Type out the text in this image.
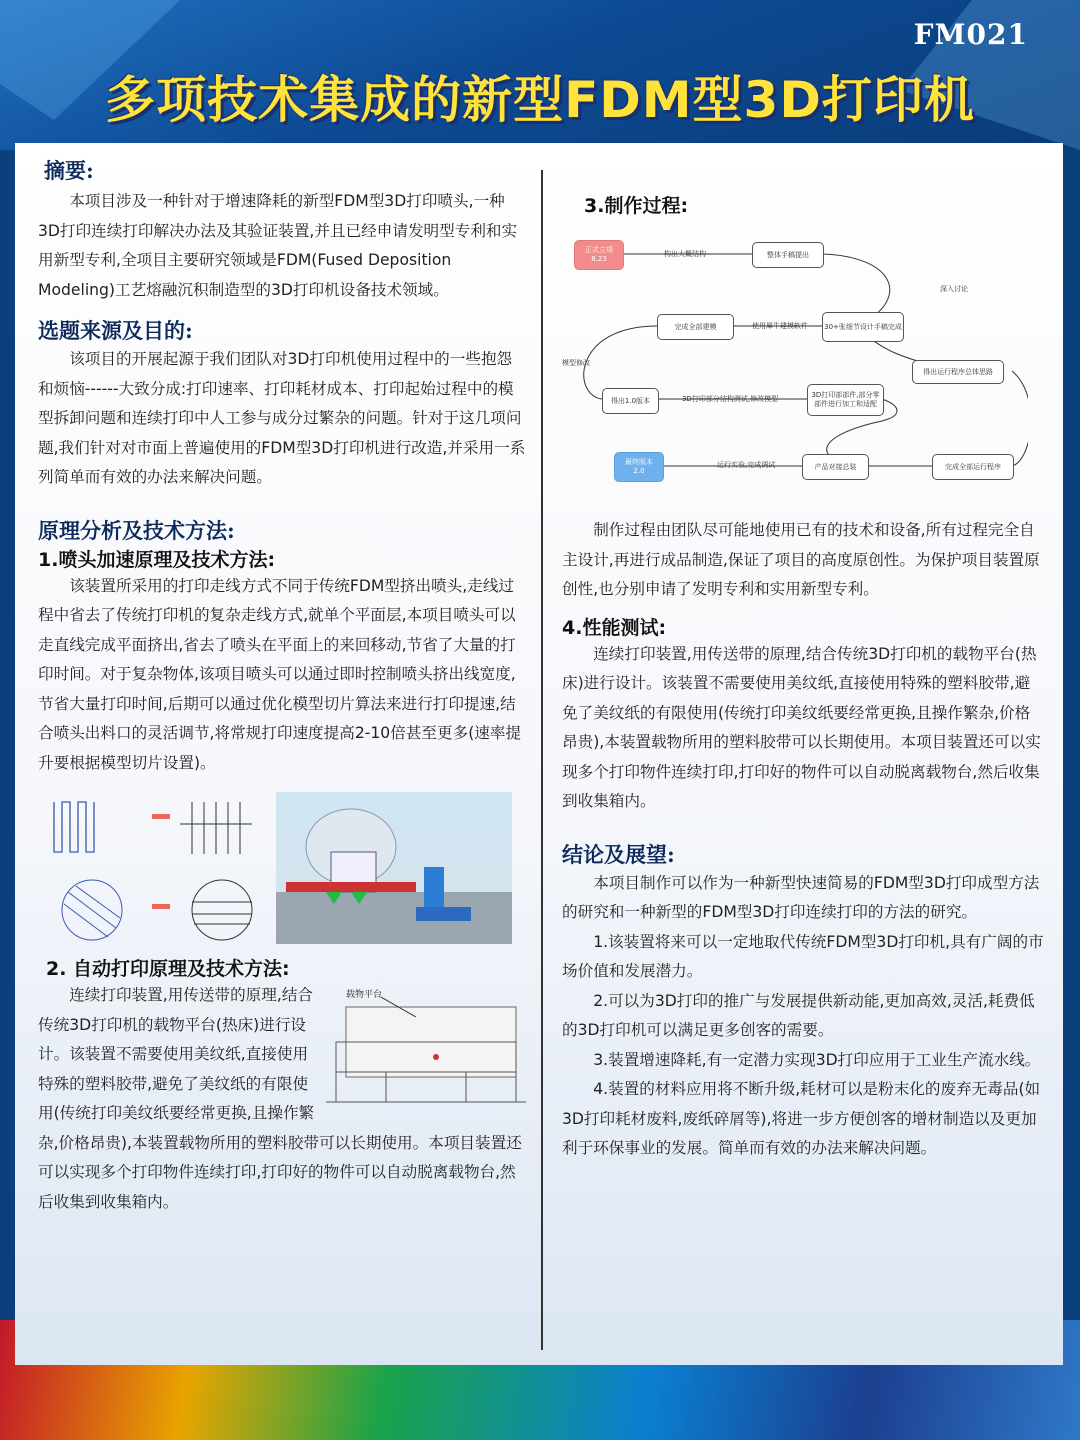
FM021
多项技术集成的新型FDM型3D打印机
摘要:

本项目涉及一种针对于增速降耗的新型FDM型3D打印喷头,一种3D打印连续打印解决办法及其验证装置,并且已经申请发明型专利和实用新型专利,全项目主要研究领域是FDM(Fused Deposition Modeling)工艺熔融沉积制造型的3D打印机设备技术领域。

选题来源及目的:

该项目的开展起源于我们团队对3D打印机使用过程中的一些抱怨和烦恼------大致分成:打印速率、打印耗材成本、打印起始过程中的模型拆卸问题和连续打印中人工参与成分过繁杂的问题。针对于这几项问题,我们针对对市面上普遍使用的FDM型3D打印机进行改造,并采用一系列简单而有效的办法来解决问题。

原理分析及技术方法:
1.喷头加速原理及技术方法:

该装置所采用的打印走线方式不同于传统FDM型挤出喷头,走线过程中省去了传统打印机的复杂走线方式,就单个平面层,本项目喷头可以走直线完成平面挤出,省去了喷头在平面上的来回移动,节省了大量的打印时间。对于复杂物体,该项目喷头可以通过即时控制喷头挤出线宽度,节省大量打印时间,后期可以通过优化模型切片算法来进行打印提速,结合喷头出料口的灵活调节,将常规打印速度提高2-10倍甚至更多(速率提升要根据模型切片设置)。

2. 自动打印原理及技术方法:
载物平台

连续打印装置,用传送带的原理,结合传统3D打印机的载物平台(热床)进行设计。该装置不需要使用美纹纸,直接使用特殊的塑料胶带,避免了美纹纸的有限使用(传统打印美纹纸要经常更换,且操作繁杂,价格昂贵),本装置载物所用的塑料胶带可以长期使用。本项目装置还可以实现多个打印物件连续打印,打印好的物件可以自动脱离载物台,然后收集到收集箱内。

3.制作过程:
正式立项
8.23
构出大概结构	整体手稿提出
深入讨论
30+张细节设计手稿完成
使用犀牛建模软件
完成全部建模
模型修改
得出1.0版本	3D打印部分结构测试,修改模型	3D打印部部件,部分零部件进行加工和适配
得出运行程序总体思路
完成全部运行程序
产品对接总装
运行实验,完成调试
最终版本
2.0

制作过程由团队尽可能地使用已有的技术和设备,所有过程完全自主设计,再进行成品制造,保证了项目的高度原创性。为保护项目装置原创性,也分别申请了发明专利和实用新型专利。

4.性能测试:

连续打印装置,用传送带的原理,结合传统3D打印机的载物平台(热床)进行设计。该装置不需要使用美纹纸,直接使用特殊的塑料胶带,避免了美纹纸的有限使用(传统打印美纹纸要经常更换,且操作繁杂,价格昂贵),本装置载物所用的塑料胶带可以长期使用。本项目装置还可以实现多个打印物件连续打印,打印好的物件可以自动脱离载物台,然后收集到收集箱内。

结论及展望:

本项目制作可以作为一种新型快速简易的FDM型3D打印成型方法的研究和一种新型的FDM型3D打印连续打印的方法的研究。

1.该装置将来可以一定地取代传统FDM型3D打印机,具有广阔的市场价值和发展潜力。

2.可以为3D打印的推广与发展提供新动能,更加高效,灵活,耗费低的3D打印机可以满足更多创客的需要。

3.装置增速降耗,有一定潜力实现3D打印应用于工业生产流水线。

4.装置的材料应用将不断升级,耗材可以是粉末化的废弃无毒品(如3D打印耗材废料,废纸碎屑等),将进一步方便创客的增材制造以及更加利于环保事业的发展。简单而有效的办法来解决问题。
